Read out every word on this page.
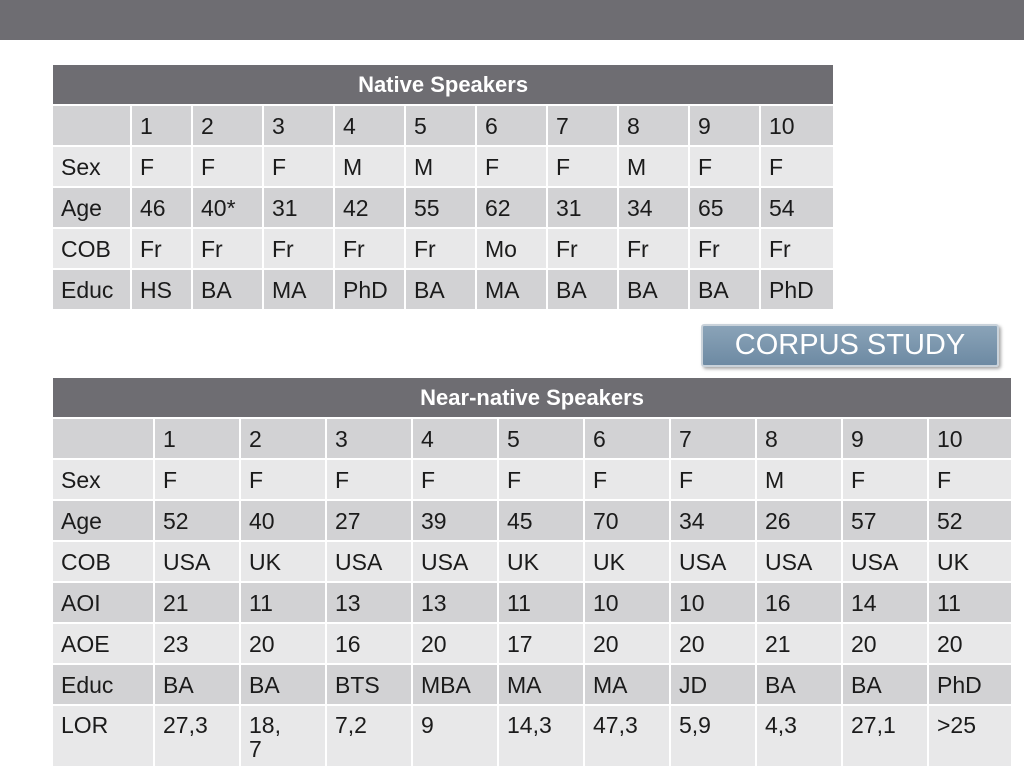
Native Speakers										
	1	2	3	4	5	6	7	8	9	10
Sex	F	F	F	M	M	F	F	M	F	F
Age	46	40*	31	42	55	62	31	34	65	54
COB	Fr	Fr	Fr	Fr	Fr	Mo	Fr	Fr	Fr	Fr
Educ	HS	BA	MA	PhD	BA	MA	BA	BA	BA	PhD
CORPUS STUDY
Near-native Speakers										
	1	2	3	4	5	6	7	8	9	10
Sex	F	F	F	F	F	F	F	M	F	F
Age	52	40	27	39	45	70	34	26	57	52
COB	USA	UK	USA	USA	UK	UK	USA	USA	USA	UK
AOI	21	11	13	13	11	10	10	16	14	11
AOE	23	20	16	20	17	20	20	21	20	20
Educ	BA	BA	BTS	MBA	MA	MA	JD	BA	BA	PhD
LOR	27,3	18,7	7,2	9	14,3	47,3	5,9	4,3	27,1	>25
